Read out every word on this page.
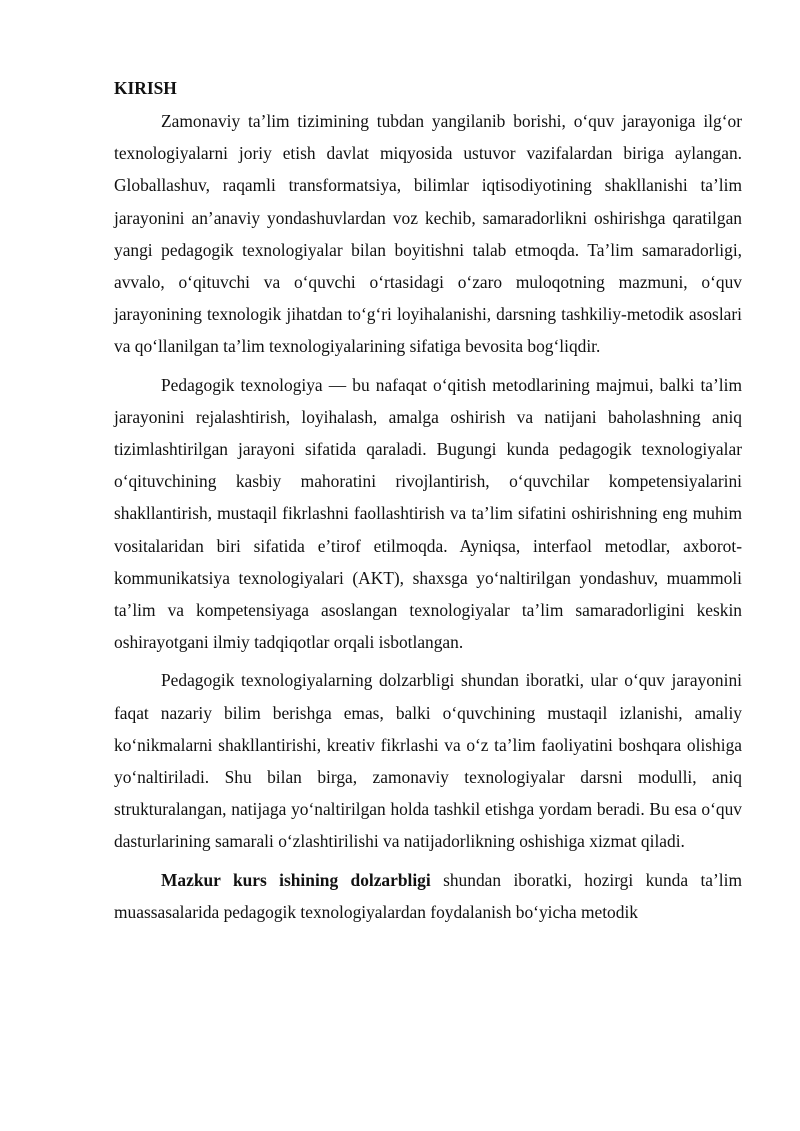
KIRISH

Zamonaviy ta’lim tizimining tubdan yangilanib borishi, o‘quv jarayoniga ilg‘or texnologiyalarni joriy etish davlat miqyosida ustuvor vazifalardan biriga aylangan. Globallashuv, raqamli transformatsiya, bilimlar iqtisodiyotining shakllanishi ta’lim jarayonini an’anaviy yondashuvlardan voz kechib, samaradorlikni oshirishga qaratilgan yangi pedagogik texnologiyalar bilan boyitishni talab etmoqda. Ta’lim samaradorligi, avvalo, o‘qituvchi va o‘quvchi o‘rtasidagi o‘zaro muloqotning mazmuni, o‘quv jarayonining texnologik jihatdan to‘g‘ri loyihalanishi, darsning tashkiliy-metodik asoslari va qo‘llanilgan ta’lim texnologiyalarining sifatiga bevosita bog‘liqdir.

Pedagogik texnologiya — bu nafaqat o‘qitish metodlarining majmui, balki ta’lim jarayonini rejalashtirish, loyihalash, amalga oshirish va natijani baholashning aniq tizimlashtirilgan jarayoni sifatida qaraladi. Bugungi kunda pedagogik texnologiyalar o‘qituvchining kasbiy mahoratini rivojlantirish, o‘quvchilar kompetensiyalarini shakllantirish, mustaqil fikrlashni faollashtirish va ta’lim sifatini oshirishning eng muhim vositalaridan biri sifatida e’tirof etilmoqda. Ayniqsa, interfaol metodlar, axborot-kommunikatsiya texnologiyalari (AKT), shaxsga yo‘naltirilgan yondashuv, muammoli ta’lim va kompetensiyaga asoslangan texnologiyalar ta’lim samaradorligini keskin oshirayotgani ilmiy tadqiqotlar orqali isbotlangan.

Pedagogik texnologiyalarning dolzarbligi shundan iboratki, ular o‘quv jarayonini faqat nazariy bilim berishga emas, balki o‘quvchining mustaqil izlanishi, amaliy ko‘nikmalarni shakllantirishi, kreativ fikrlashi va o‘z ta’lim faoliyatini boshqara olishiga yo‘naltiriladi. Shu bilan birga, zamonaviy texnologiyalar darsni modulli, aniq strukturalangan, natijaga yo‘naltirilgan holda tashkil etishga yordam beradi. Bu esa o‘quv dasturlarining samarali o‘zlashtirilishi va natijadorlikning oshishiga xizmat qiladi.

Mazkur kurs ishining dolzarbligi shundan iboratki, hozirgi kunda ta’lim muassasalarida pedagogik texnologiyalardan foydalanish bo‘yicha metodik
